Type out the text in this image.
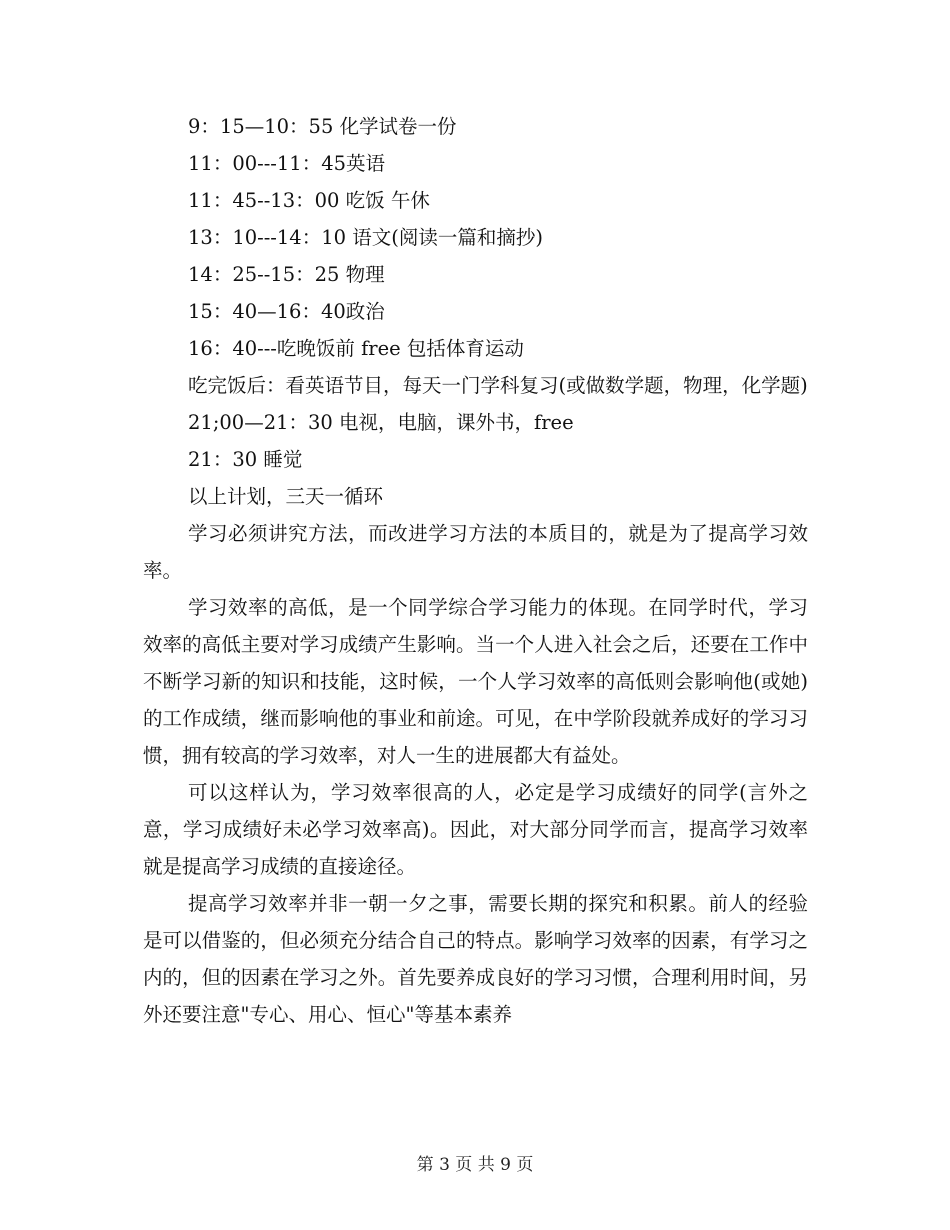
9：15—10：55 化学试卷一份
11：00---11：45英语
11：45--13：00 吃饭 午休
13：10---14：10 语文(阅读一篇和摘抄)
14：25--15：25 物理
15：40—16：40政治
16：40---吃晚饭前 free 包括体育运动

吃完饭后：看英语节目，每天一门学科复习(或做数学题，物理，化学题)

21;00—21：30 电视，电脑，课外书，free
21：30 睡觉
以上计划，三天一循环

学习必须讲究方法，而改进学习方法的本质目的，就是为了提高学习效率。

学习效率的高低，是一个同学综合学习能力的体现。在同学时代，学习效率的高低主要对学习成绩产生影响。当一个人进入社会之后，还要在工作中不断学习新的知识和技能，这时候，一个人学习效率的高低则会影响他(或她)的工作成绩，继而影响他的事业和前途。可见，在中学阶段就养成好的学习习惯，拥有较高的学习效率，对人一生的进展都大有益处。

可以这样认为，学习效率很高的人，必定是学习成绩好的同学(言外之意，学习成绩好未必学习效率高)。因此，对大部分同学而言，提高学习效率就是提高学习成绩的直接途径。

提高学习效率并非一朝一夕之事，需要长期的探究和积累。前人的经验是可以借鉴的，但必须充分结合自己的特点。影响学习效率的因素，有学习之内的，但的因素在学习之外。首先要养成良好的学习习惯，合理利用时间，另外还要注意"专心、用心、恒心"等基本素养

第 3 页 共 9 页
